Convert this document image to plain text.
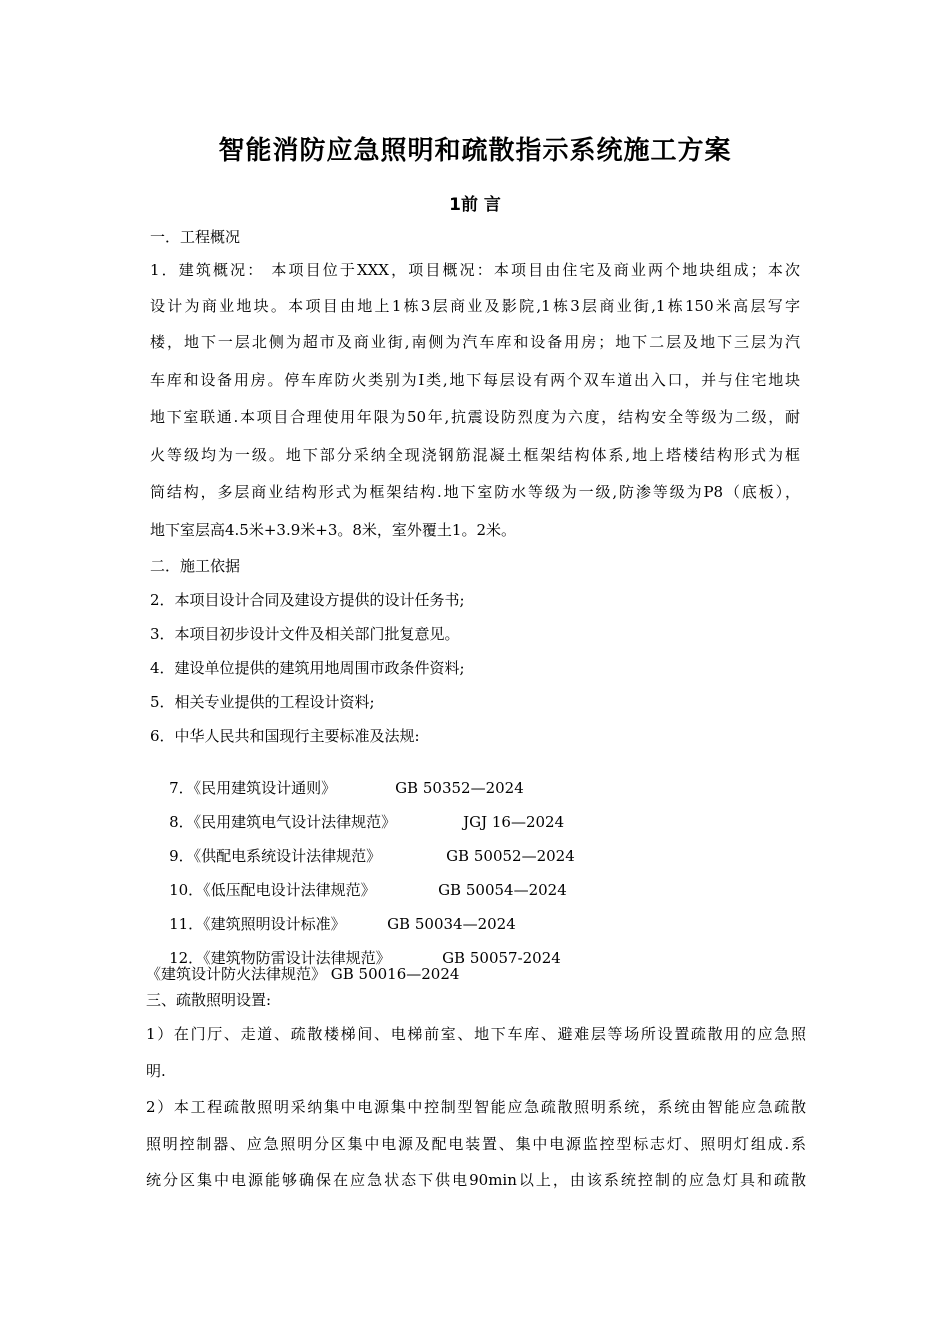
智能消防应急照明和疏散指示系统施工方案
1前 言
一．工程概况
1．建筑概况： 本项目位于XXX，项目概况：本项目由住宅及商业两个地块组成；本次
设计为商业地块。本项目由地上1栋3层商业及影院,1栋3层商业街,1栋150米高层写字
楼，地下一层北侧为超市及商业街,南侧为汽车库和设备用房；地下二层及地下三层为汽
车库和设备用房。停车库防火类别为I类,地下每层设有两个双车道出入口，并与住宅地块
地下室联通.本项目合理使用年限为50年,抗震设防烈度为六度，结构安全等级为二级，耐
火等级均为一级。地下部分采纳全现浇钢筋混凝土框架结构体系,地上塔楼结构形式为框
筒结构，多层商业结构形式为框架结构.地下室防水等级为一级,防渗等级为P8（底板），
地下室层高4.5米+3.9米+3。8米，室外覆土1。2米。
二．施工依据
2．本项目设计合同及建设方提供的设计任务书;
3．本项目初步设计文件及相关部门批复意见。
4．建设单位提供的建筑用地周围市政条件资料;
5．相关专业提供的工程设计资料;
6．中华人民共和国现行主要标准及法规:

7．《民用建筑设计通则》	GB 50352—2024

8．《民用建筑电气设计法律规范》	JGJ 16—2024

9．《供配电系统设计法律规范》	GB 50052—2024

10．《低压配电设计法律规范》	GB 50054—2024

11．《建筑照明设计标准》	GB 50034—2024

12．《建筑物防雷设计法律规范》	GB 50057-2024

《建筑设计防火法律规范》 GB 50016—2024
三、疏散照明设置:
1）在门厅、走道、疏散楼梯间、电梯前室、地下车库、避难层等场所设置疏散用的应急照
明.
2）本工程疏散照明采纳集中电源集中控制型智能应急疏散照明系统，系统由智能应急疏散
照明控制器、应急照明分区集中电源及配电装置、集中电源监控型标志灯、照明灯组成.系
统分区集中电源能够确保在应急状态下供电90min以上，由该系统控制的应急灯具和疏散
